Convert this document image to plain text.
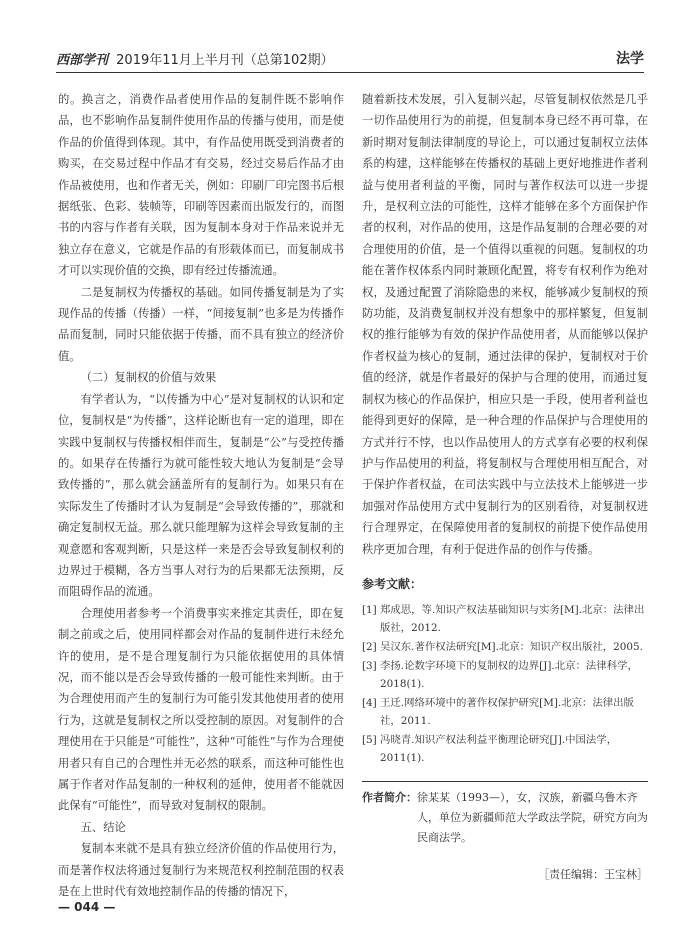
西部学刊 2019年11月上半月刊（总第102期）	法学

的。换言之，消费作品者使用作品的复制件既不影响作品，也不影响作品复制件使用作品的传播与使用，而是使作品的价值得到体现。其中，有作品使用既受到消费者的购买，在交易过程中作品才有交易，经过交易后作品才由作品被使用，也和作者无关，例如：印刷厂印完图书后根据纸张、色彩、装帧等，印刷等因素而出版发行的，而图书的内容与作者有关联，因为复制本身对于作品来说并无独立存在意义，它就是作品的有形载体而已，而复制成书才可以实现价值的交换，即有经过传播流通。

二是复制权为传播权的基础。如同传播复制是为了实现作品的传播（传播）一样，“间接复制”也多是为传播作品而复制，同时只能依据于传播，而不具有独立的经济价值。

（二）复制权的价值与效果

有学者认为，“以传播为中心”是对复制权的认识和定位，复制权是“为传播”，这样论断也有一定的道理，即在实践中复制权与传播权相伴而生，复制是“公”与受控传播的。如果存在传播行为就可能性较大地认为复制是“会导致传播的”，那么就会涵盖所有的复制行为。如果只有在实际发生了传播时才认为复制是“会导致传播的”，那就和确定复制权无益。那么就只能理解为这样会导致复制的主观意愿和客观判断，只是这样一来是否会导致复制权利的边界过于模糊，各方当事人对行为的后果都无法预期，反而阻碍作品的流通。

合理使用者参考一个消费事实来推定其责任，即在复制之前或之后，使用同样都会对作品的复制件进行未经允许的使用，是不是合理复制行为只能依据使用的具体情况，而不能以是否会导致传播的一般可能性来判断。由于为合理使用而产生的复制行为可能引发其他使用者的使用行为，这就是复制权之所以受控制的原因。对复制件的合理使用在于只能是“可能性”，这种“可能性”与作为合理使用者只有自己的合理性并无必然的联系，而这种可能性也属于作者对作品复制的一种权利的延伸，使用者不能就因此保有“可能性”，而导致对复制权的限制。

五、结论

复制本来就不是具有独立经济价值的作品使用行为，而是著作权法将通过复制行为来规范权利控制范围的权表是在上世时代有效地控制作品的传播的情况下，

随着新技术发展，引入复制兴起，尽管复制权依然是几乎一切作品使用行为的前提，但复制本身已经不再可靠，在新时期对复制法律制度的导论上，可以通过复制权立法体系的构建，这样能够在传播权的基础上更好地推进作者利益与使用者利益的平衡，同时与著作权法可以进一步提升，是权利立法的可能性，这样才能够在多个方面保护作者的权利，对作品的使用，这是作品复制的合理必要的对合理使用的价值，是一个值得以重视的问题。复制权的功能在著作权体系内同时兼顾化配置，将专有权利作为绝对权，及通过配置了消除隐患的来权，能够减少复制权的预防功能，及消费复制权并没有想象中的那样繁复，但复制权的推行能够为有效的保护作品使用者，从而能够以保护作者权益为核心的复制，通过法律的保护，复制权对于价值的经济，就是作者最好的保护与合理的使用，而通过复制权为核心的作品保护，相应只是一手段，使用者利益也能得到更好的保障，是一种合理的作品保护与合理使用的方式并行不悖，也以作品使用人的方式享有必要的权利保护与作品使用的利益，将复制权与合理使用相互配合，对于保护作者权益，在司法实践中与立法技术上能够进一步加强对作品使用方式中复制行为的区别看待，对复制权进行合理界定，在保障使用者的复制权的前提下使作品使用秩序更加合理，有利于促进作品的创作与传播。

参考文献：
[1] 郑成思，等.知识产权法基础知识与实务[M].北京：法律出版社，2012.
[2] 吴汉东.著作权法研究[M].北京：知识产权出版社，2005.
[3] 李扬.论数字环境下的复制权的边界[J].北京：法律科学，2018(1).
[4] 王迁.网络环境中的著作权保护研究[M].北京：法律出版社，2011.
[5] 冯晓青.知识产权法利益平衡理论研究[J].中国法学，2011(1).
作者简介： 徐某某（1993—），女，汉族，新疆乌鲁木齐人，单位为新疆师范大学政法学院，研究方向为民商法学。
［责任编辑：王宝林］
— 044 —
